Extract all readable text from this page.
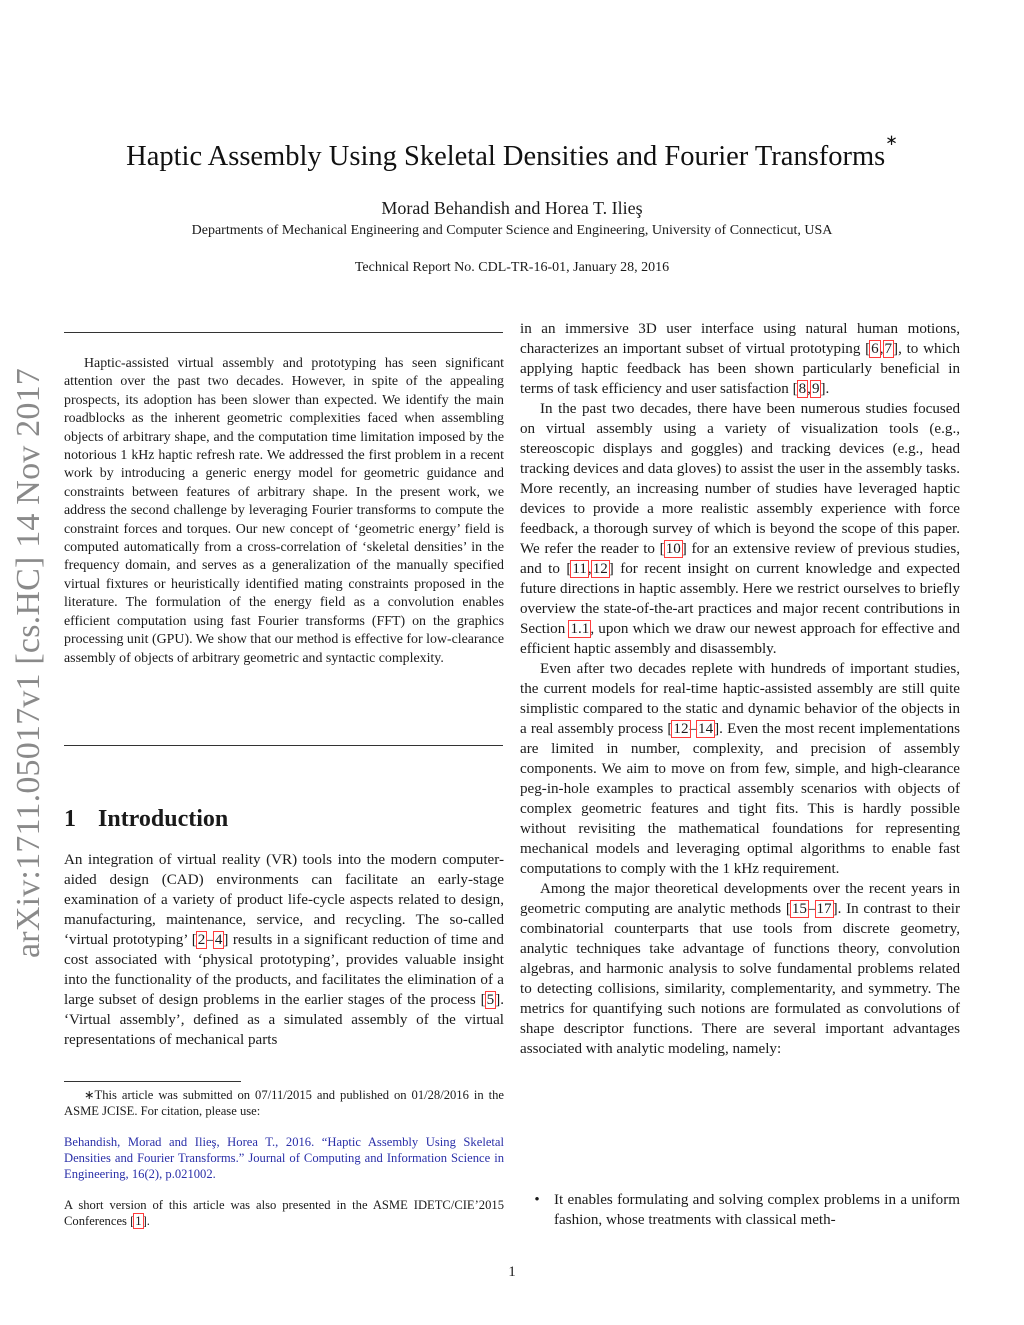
arXiv:1711.05017v1 [cs.HC] 14 Nov 2017
Haptic Assembly Using Skeletal Densities and Fourier Transforms∗
Morad Behandish and Horea T. Ilieş
Departments of Mechanical Engineering and Computer Science and Engineering, University of Connecticut, USA
Technical Report No. CDL-TR-16-01, January 28, 2016

Haptic-assisted virtual assembly and prototyping has seen significant attention over the past two decades. However, in spite of the appealing prospects, its adoption has been slower than expected. We identify the main roadblocks as the inherent geometric complexities faced when assembling objects of arbitrary shape, and the computation time limitation imposed by the notorious 1 kHz haptic refresh rate. We addressed the first problem in a recent work by introducing a generic energy model for geometric guidance and constraints between features of arbitrary shape. In the present work, we address the second challenge by leveraging Fourier transforms to compute the constraint forces and torques. Our new concept of ‘geometric energy’ field is computed automatically from a cross-correlation of ‘skeletal densities’ in the frequency domain, and serves as a generalization of the manually specified virtual fixtures or heuristically identified mating constraints proposed in the literature. The formulation of the energy field as a convolution enables efficient computation using fast Fourier transforms (FFT) on the graphics processing unit (GPU). We show that our method is effective for low-clearance assembly of objects of arbitrary geometric and syntactic complexity.

1 Introduction

An integration of virtual reality (VR) tools into the modern computer-aided design (CAD) environments can facilitate an early-stage examination of a variety of product life-cycle aspects related to design, manufacturing, maintenance, service, and recycling. The so-called ‘virtual prototyping’ [2–4] results in a significant reduction of time and cost associated with ‘physical prototyping’, provides valuable insight into the functionality of the products, and facilitates the elimination of a large subset of design problems in the earlier stages of the process [5]. ‘Virtual assembly’, defined as a simulated assembly of the virtual representations of mechanical parts

∗This article was submitted on 07/11/2015 and published on 01/28/2016 in the ASME JCISE. For citation, please use:

Behandish, Morad and Ilieş, Horea T., 2016. “Haptic Assembly Using Skeletal Densities and Fourier Transforms.” Journal of Computing and Information Science in Engineering, 16(2), p.021002.

A short version of this article was also presented in the ASME IDETC/CIE’2015 Conferences [1].

in an immersive 3D user interface using natural human motions, characterizes an important subset of virtual prototyping [6,7], to which applying haptic feedback has been shown particularly beneficial in terms of task efficiency and user satisfaction [8,9].

In the past two decades, there have been numerous studies focused on virtual assembly using a variety of visualization tools (e.g., stereoscopic displays and goggles) and tracking devices (e.g., head tracking devices and data gloves) to assist the user in the assembly tasks. More recently, an increasing number of studies have leveraged haptic devices to provide a more realistic assembly experience with force feedback, a thorough survey of which is beyond the scope of this paper. We refer the reader to [10] for an extensive review of previous studies, and to [11,12] for recent insight on current knowledge and expected future directions in haptic assembly. Here we restrict ourselves to briefly overview the state-of-the-art practices and major recent contributions in Section 1.1, upon which we draw our newest approach for effective and efficient haptic assembly and disassembly.

Even after two decades replete with hundreds of important studies, the current models for real-time haptic-assisted assembly are still quite simplistic compared to the static and dynamic behavior of the objects in a real assembly process [12–14]. Even the most recent implementations are limited in number, complexity, and precision of assembly components. We aim to move on from few, simple, and high-clearance peg-in-hole examples to practical assembly scenarios with objects of complex geometric features and tight fits. This is hardly possible without revisiting the mathematical foundations for representing mechanical models and leveraging optimal algorithms to enable fast computations to comply with the 1 kHz requirement.

Among the major theoretical developments over the recent years in geometric computing are analytic methods [15–17]. In contrast to their combinatorial counterparts that use tools from discrete geometry, analytic techniques take advantage of functions theory, convolution algebras, and harmonic analysis to solve fundamental problems related to detecting collisions, similarity, complementarity, and symmetry. The metrics for quantifying such notions are formulated as convolutions of shape descriptor functions. There are several important advantages associated with analytic modeling, namely:

• It enables formulating and solving complex problems in a uniform fashion, whose treatments with classical meth-
1
